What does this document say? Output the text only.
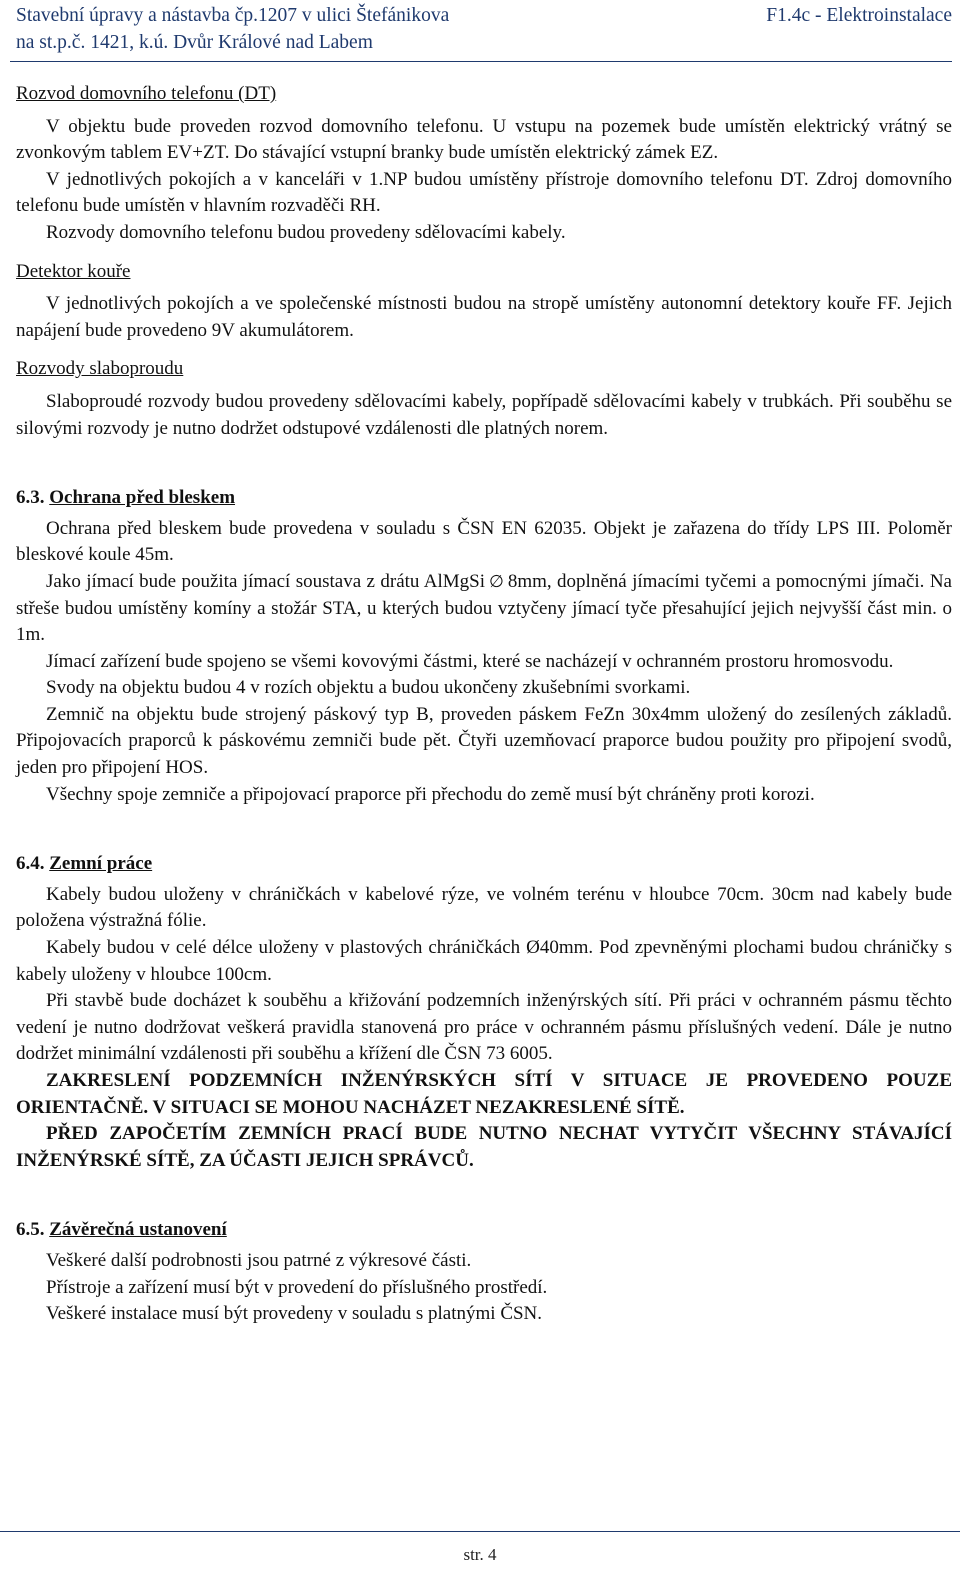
Stavební úpravy a nástavba čp.1207 v ulici Štefánikova
na st.p.č. 1421, k.ú. Dvůr Králové nad Labem
F1.4c - Elektroinstalace

Rozvod domovního telefonu (DT)

V objektu bude proveden rozvod domovního telefonu. U vstupu na pozemek bude umístěn elektrický vrátný se zvonkovým tablem EV+ZT. Do stávající vstupní branky bude umístěn elektrický zámek EZ.

V jednotlivých pokojích a v kanceláři v 1.NP budou umístěny přístroje domovního telefonu DT. Zdroj domovního telefonu bude umístěn v hlavním rozvaděči RH.

Rozvody domovního telefonu budou provedeny sdělovacími kabely.

Detektor kouře

V jednotlivých pokojích a ve společenské místnosti budou na stropě umístěny autonomní detektory kouře FF. Jejich napájení bude provedeno 9V akumulátorem.

Rozvody slaboproudu

Slaboproudé rozvody budou provedeny sdělovacími kabely, popřípadě sdělovacími kabely v trubkách. Při souběhu se silovými rozvody je nutno dodržet odstupové vzdálenosti dle platných norem.

6.3. Ochrana před bleskem

Ochrana před bleskem bude provedena v souladu s ČSN EN 62035. Objekt je zařazena do třídy LPS III. Poloměr bleskové koule 45m.

Jako jímací bude použita jímací soustava z drátu AlMgSi ∅ 8mm, doplněná jímacími tyčemi a pomocnými jímači. Na střeše budou umístěny komíny a stožár STA, u kterých budou vztyčeny jímací tyče přesahující jejich nejvyšší část min. o 1m.

Jímací zařízení bude spojeno se všemi kovovými částmi, které se nacházejí v ochranném prostoru hromosvodu.

Svody na objektu budou 4 v rozích objektu a budou ukončeny zkušebními svorkami.

Zemnič na objektu bude strojený páskový typ B, proveden páskem FeZn 30x4mm uložený do zesílených základů. Připojovacích praporců k páskovému zemniči bude pět. Čtyři uzemňovací praporce budou použity pro připojení svodů, jeden pro připojení HOS.

Všechny spoje zemniče a připojovací praporce při přechodu do země musí být chráněny proti korozi.

6.4. Zemní práce

Kabely budou uloženy v chráničkách v kabelové rýze, ve volném terénu v hloubce 70cm. 30cm nad kabely bude položena výstražná fólie.

Kabely budou v celé délce uloženy v plastových chráničkách Ø40mm. Pod zpevněnými plochami budou chráničky s kabely uloženy v hloubce 100cm.

Při stavbě bude docházet k souběhu a křižování podzemních inženýrských sítí. Při práci v ochranném pásmu těchto vedení je nutno dodržovat veškerá pravidla stanovená pro práce v ochranném pásmu příslušných vedení. Dále je nutno dodržet minimální vzdálenosti při souběhu a křížení dle ČSN 73 6005.

ZAKRESLENÍ PODZEMNÍCH INŽENÝRSKÝCH SÍTÍ V SITUACE JE PROVEDENO POUZE ORIENTAČNĚ. V SITUACI SE MOHOU NACHÁZET NEZAKRESLENÉ SÍTĚ.

PŘED ZAPOČETÍM ZEMNÍCH PRACÍ BUDE NUTNO NECHAT VYTYČIT VŠECHNY STÁVAJÍCÍ INŽENÝRSKÉ SÍTĚ, ZA ÚČASTI JEJICH SPRÁVCŮ.

6.5. Závěrečná ustanovení

Veškeré další podrobnosti jsou patrné z výkresové části.

Přístroje a zařízení musí být v provedení do příslušného prostředí.

Veškeré instalace musí být provedeny v souladu s platnými ČSN.

str. 4
